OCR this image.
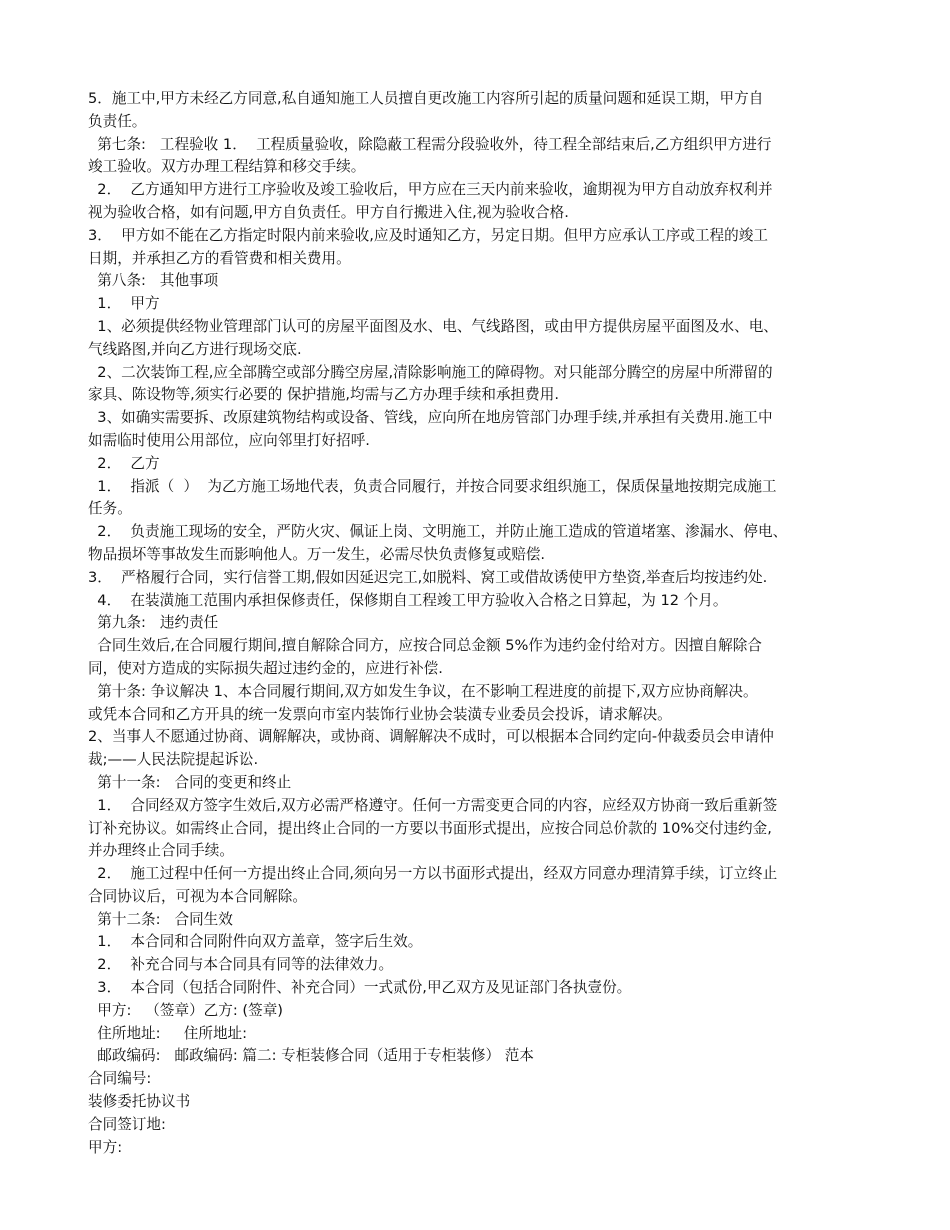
5．施工中,甲方未经乙方同意,私自通知施工人员擅自更改施工内容所引起的质量问题和延误工期，甲方自
负责任。
第七条:   工程验收 1．  工程质量验收，除隐蔽工程需分段验收外，待工程全部结束后,乙方组织甲方进行
竣工验收。双方办理工程结算和移交手续。
2．  乙方通知甲方进行工序验收及竣工验收后，甲方应在三天内前来验收，逾期视为甲方自动放弃权利并
视为验收合格，如有问题,甲方自负责任。甲方自行搬进入住,视为验收合格.
3．  甲方如不能在乙方指定时限内前来验收,应及时通知乙方，另定日期。但甲方应承认工序或工程的竣工
日期，并承担乙方的看管费和相关费用。
第八条:   其他事项
1．  甲方
1、必须提供经物业管理部门认可的房屋平面图及水、电、气线路图，或由甲方提供房屋平面图及水、电、
气线路图,并向乙方进行现场交底.
2、二次装饰工程,应全部腾空或部分腾空房屋,清除影响施工的障碍物。对只能部分腾空的房屋中所滞留的
家具、陈设物等,须实行必要的 保护措施,均需与乙方办理手续和承担费用.
3、如确实需要拆、改原建筑物结构或设备、管线，应向所在地房管部门办理手续,并承担有关费用.施工中
如需临时使用公用部位，应向邻里打好招呼.
2．  乙方
1．  指派（  ）  为乙方施工场地代表，负责合同履行，并按合同要求组织施工，保质保量地按期完成施工
任务。
2．  负责施工现场的安全，严防火灾、佩证上岗、文明施工，并防止施工造成的管道堵塞、渗漏水、停电、
物品损坏等事故发生而影响他人。万一发生，必需尽快负责修复或赔偿.
3．  严格履行合同，实行信誉工期,假如因延迟完工,如脱料、窝工或借故诱使甲方垫资,举查后均按违约处.
4．  在装潢施工范围内承担保修责任，保修期自工程竣工甲方验收入合格之日算起，为 12 个月。
第九条:   违约责任
合同生效后,在合同履行期间,擅自解除合同方，应按合同总金额 5%作为违约金付给对方。因擅自解除合
同，使对方造成的实际损失超过违约金的，应进行补偿.
第十条: 争议解决 1、本合同履行期间,双方如发生争议，在不影响工程进度的前提下,双方应协商解决。
或凭本合同和乙方开具的统一发票向市室内装饰行业协会装潢专业委员会投诉，请求解决。
2、当事人不愿通过协商、调解解决，或协商、调解解决不成时，可以根据本合同约定向-仲裁委员会申请仲
裁;——人民法院提起诉讼.
第十一条:   合同的变更和终止
1．  合同经双方签字生效后,双方必需严格遵守。任何一方需变更合同的内容，应经双方协商一致后重新签
订补充协议。如需终止合同，提出终止合同的一方要以书面形式提出，应按合同总价款的 10%交付违约金,
并办理终止合同手续。
2．  施工过程中任何一方提出终止合同,须向另一方以书面形式提出，经双方同意办理清算手续，订立终止
合同协议后，可视为本合同解除。
第十二条:   合同生效
1．  本合同和合同附件向双方盖章，签字后生效。
2．  补充合同与本合同具有同等的法律效力。
3．  本合同（包括合同附件、补充合同）一式贰份,甲乙双方及见证部门各执壹份。
甲方:   （签章）乙方: (签章)
住所地址:     住所地址:
邮政编码:   邮政编码: 篇二: 专柜装修合同（适用于专柜装修） 范本
合同编号:
装修委托协议书
合同签订地:
甲方:
